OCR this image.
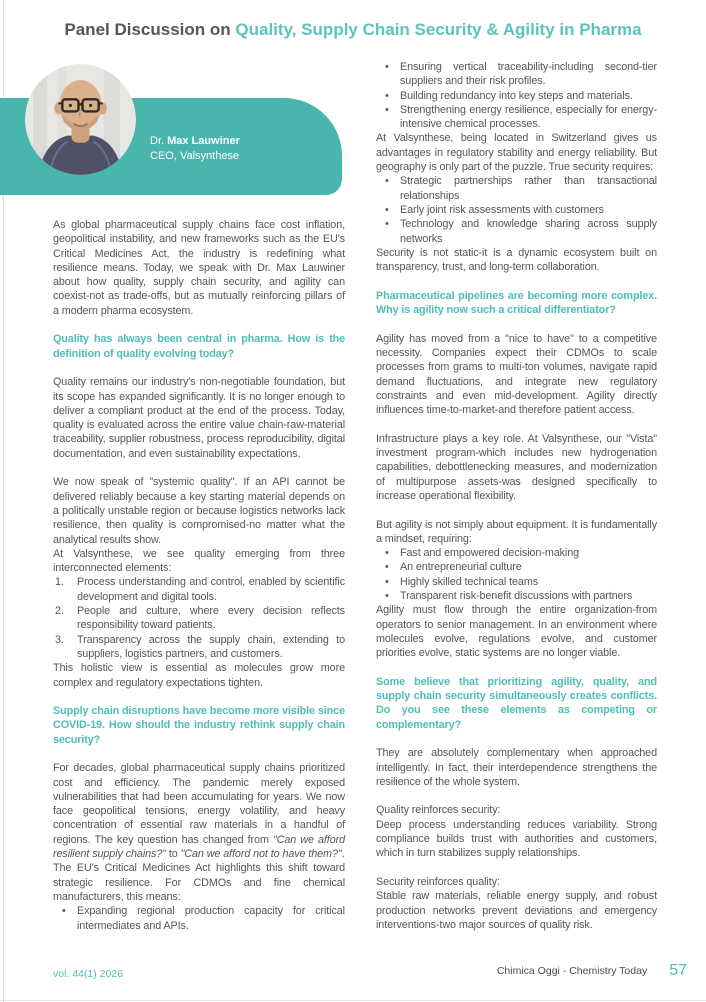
Panel Discussion on Quality, Supply Chain Security & Agility in Pharma
Dr. Max Lauwiner
CEO, Valsynthese

As global pharmaceutical supply chains face cost inflation, geopolitical instability, and new frameworks such as the EU's Critical Medicines Act, the industry is redefining what resilience means. Today, we speak with Dr. Max Lauwiner about how quality, supply chain security, and agility can coexist-not as trade-offs, but as mutually reinforcing pillars of a modern pharma ecosystem.

Quality has always been central in pharma. How is the definition of quality evolving today?

Quality remains our industry's non-negotiable foundation, but its scope has expanded significantly. It is no longer enough to deliver a compliant product at the end of the process. Today, quality is evaluated across the entire value chain-raw-material traceability, supplier robustness, process reproducibility, digital documentation, and even sustainability expectations.

We now speak of "systemic quality". If an API cannot be delivered reliably because a key starting material depends on a politically unstable region or because logistics networks lack resilience, then quality is compromised-no matter what the analytical results show.

At Valsynthese, we see quality emerging from three interconnected elements:

Process understanding and control, enabled by scientific development and digital tools.
People and culture, where every decision reflects responsibility toward patients.
Transparency across the supply chain, extending to suppliers, logistics partners, and customers.

This holistic view is essential as molecules grow more complex and regulatory expectations tighten.

Supply chain disruptions have become more visible since COVID-19. How should the industry rethink supply chain security?

For decades, global pharmaceutical supply chains prioritized cost and efficiency. The pandemic merely exposed vulnerabilities that had been accumulating for years. We now face geopolitical tensions, energy volatility, and heavy concentration of essential raw materials in a handful of regions. The key question has changed from "Can we afford resilient supply chains?" to "Can we afford not to have them?".

The EU's Critical Medicines Act highlights this shift toward strategic resilience. For CDMOs and fine chemical manufacturers, this means:

• Expanding regional production capacity for critical intermediates and APIs.
• Ensuring vertical traceability-including second-tier suppliers and their risk profiles.
• Building redundancy into key steps and materials.
• Strengthening energy resilience, especially for energy-intensive chemical processes.

At Valsynthese, being located in Switzerland gives us advantages in regulatory stability and energy reliability. But geography is only part of the puzzle. True security requires:

• Strategic partnerships rather than transactional relationships
• Early joint risk assessments with customers
• Technology and knowledge sharing across supply networks

Security is not static-it is a dynamic ecosystem built on transparency, trust, and long-term collaboration.

Pharmaceutical pipelines are becoming more complex. Why is agility now such a critical differentiator?

Agility has moved from a "nice to have" to a competitive necessity. Companies expect their CDMOs to scale processes from grams to multi-ton volumes, navigate rapid demand fluctuations, and integrate new regulatory constraints and even mid-development. Agility directly influences time-to-market-and therefore patient access.

Infrastructure plays a key role. At Valsynthese, our "Vista" investment program-which includes new hydrogenation capabilities, debottlenecking measures, and modernization of multipurpose assets-was designed specifically to increase operational flexibility.

But agility is not simply about equipment. It is fundamentally a mindset, requiring:

• Fast and empowered decision-making
• An entrepreneurial culture
• Highly skilled technical teams
• Transparent risk-benefit discussions with partners

Agility must flow through the entire organization-from operators to senior management. In an environment where molecules evolve, regulations evolve, and customer priorities evolve, static systems are no longer viable.

Some believe that prioritizing agility, quality, and supply chain security simultaneously creates conflicts. Do you see these elements as competing or complementary?

They are absolutely complementary when approached intelligently. In fact, their interdependence strengthens the resilience of the whole system.

Quality reinforces security:

Deep process understanding reduces variability. Strong compliance builds trust with authorities and customers, which in turn stabilizes supply relationships.

Security reinforces quality:

Stable raw materials, reliable energy supply, and robust production networks prevent deviations and emergency interventions-two major sources of quality risk.

vol. 44(1) 2026	Chimica Oggi - Chemistry Today 57
